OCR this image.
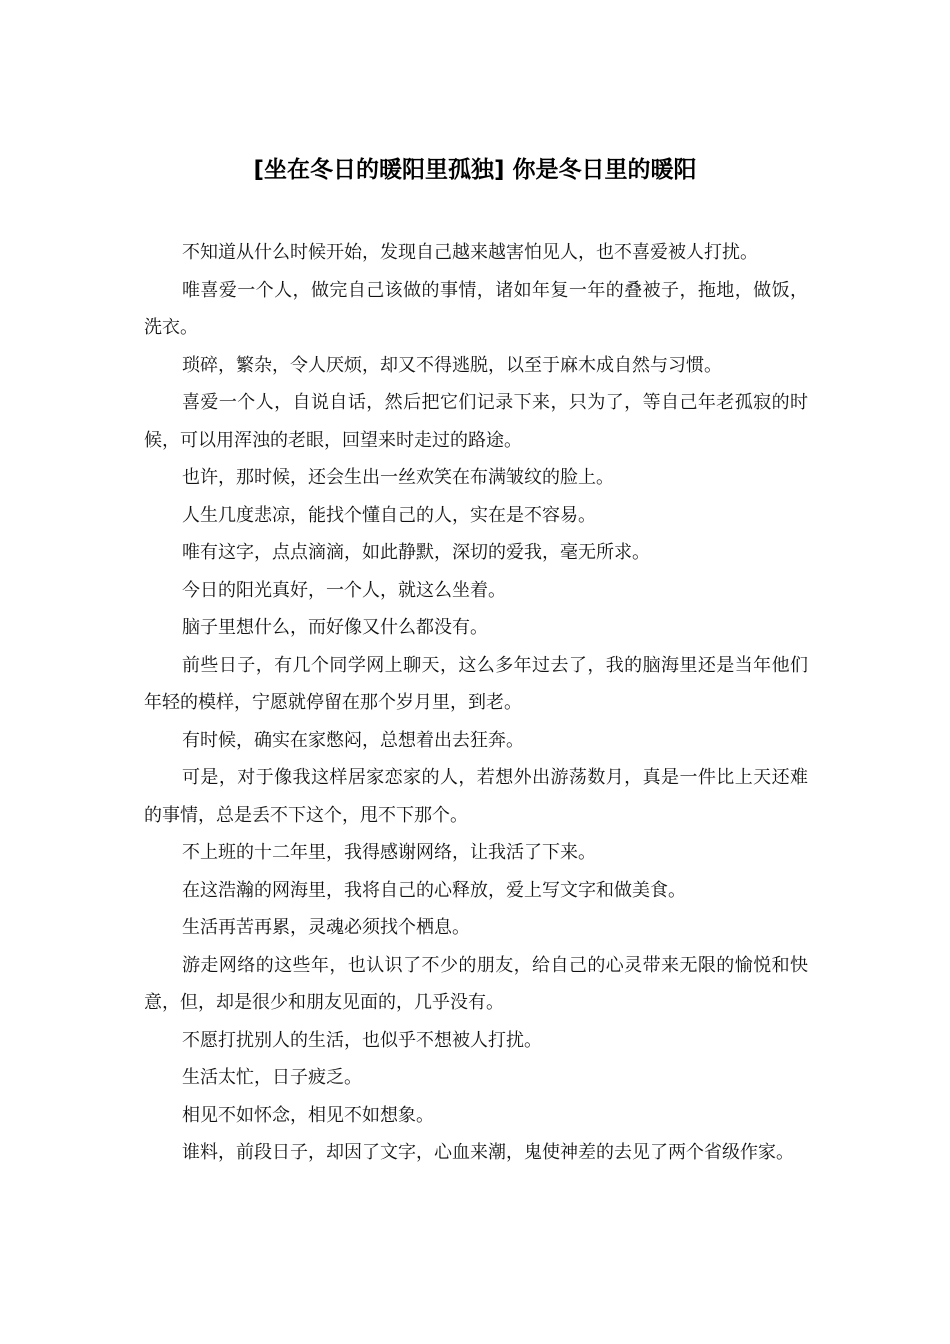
[坐在冬日的暖阳里孤独] 你是冬日里的暖阳

不知道从什么时候开始，发现自己越来越害怕见人，也不喜爱被人打扰。

唯喜爱一个人，做完自己该做的事情，诸如年复一年的叠被子，拖地，做饭，洗衣。

琐碎，繁杂，令人厌烦，却又不得逃脱，以至于麻木成自然与习惯。

喜爱一个人，自说自话，然后把它们记录下来，只为了，等自己年老孤寂的时候，可以用浑浊的老眼，回望来时走过的路途。

也许，那时候，还会生出一丝欢笑在布满皱纹的脸上。

人生几度悲凉，能找个懂自己的人，实在是不容易。

唯有这字，点点滴滴，如此静默，深切的爱我，毫无所求。

今日的阳光真好，一个人，就这么坐着。

脑子里想什么，而好像又什么都没有。

前些日子，有几个同学网上聊天，这么多年过去了，我的脑海里还是当年他们年轻的模样，宁愿就停留在那个岁月里，到老。

有时候，确实在家憋闷，总想着出去狂奔。

可是，对于像我这样居家恋家的人，若想外出游荡数月，真是一件比上天还难的事情，总是丢不下这个，甩不下那个。

不上班的十二年里，我得感谢网络，让我活了下来。

在这浩瀚的网海里，我将自己的心释放，爱上写文字和做美食。

生活再苦再累，灵魂必须找个栖息。

游走网络的这些年，也认识了不少的朋友，给自己的心灵带来无限的愉悦和快意，但，却是很少和朋友见面的，几乎没有。

不愿打扰别人的生活，也似乎不想被人打扰。

生活太忙，日子疲乏。

相见不如怀念，相见不如想象。

谁料，前段日子，却因了文字，心血来潮，鬼使神差的去见了两个省级作家。
